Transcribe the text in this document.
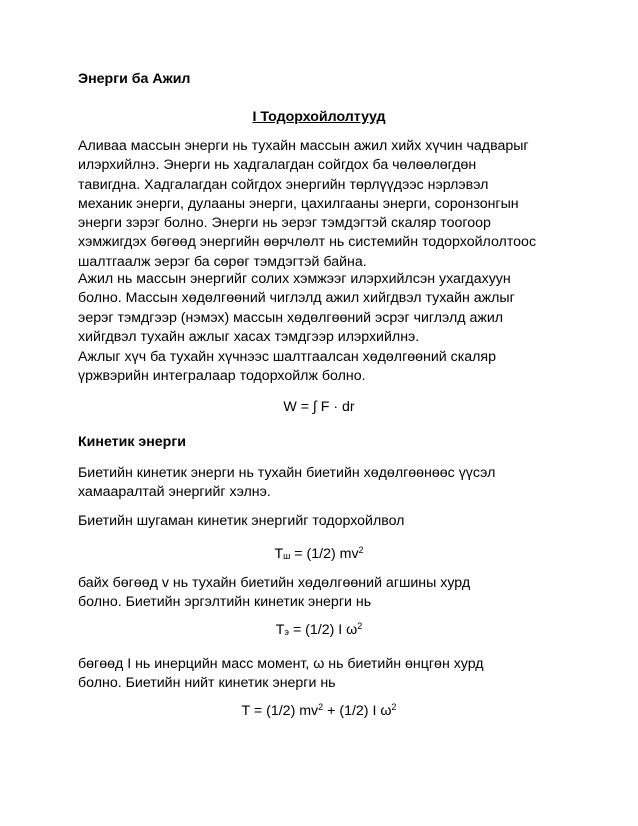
Энерги ба Ажил

I Тодорхойлолтууд

Аливаа массын энерги нь тухайн массын ажил хийх хүчин чадварыг
илэрхийлнэ. Энерги нь хадгалагдан сойгдох ба чөлөөлөгдөн
тавигдна. Хадгалагдан сойгдох энергийн төрлүүдээс нэрлэвэл
механик энерги, дулааны энерги, цахилгааны энерги, соронзонгын
энерги зэрэг болно. Энерги нь эерэг тэмдэгтэй скаляр тоогоор
хэмжигдэх бөгөөд энергийн өөрчлөлт нь системийн тодорхойлолтоос
шалтгаалж эерэг ба сөрөг тэмдэгтэй байна.
Ажил нь массын энергийг солих хэмжээг илэрхийлсэн ухагдахуун
болно. Массын хөдөлгөөний чиглэлд ажил хийгдвэл тухайн ажлыг
эерэг тэмдгээр (нэмэх) массын хөдөлгөөний эсрэг чиглэлд ажил
хийгдвэл тухайн ажлыг хасах тэмдгээр илэрхийлнэ.
Ажлыг хүч ба тухайн хүчнээс шалтгаалсан хөдөлгөөний скаляр
үржвэрийн интегралаар тодорхойлж болно.

W = ∫ F · dr

Кинетик энерги

Биетийн кинетик энерги нь тухайн биетийн хөдөлгөөнөөс үүсэл
хамааралтай энергийг хэлнэ.

Биетийн шугаман кинетик энергийг тодорхойлвол

$T_ш = (1/2)$ $mv^2$

байх бөгөөд v нь тухайн биетийн хөдөлгөөний агшины хурд
болно. Биетийн эргэлтийн кинетик энерги нь

$T_э = (1/2)$ I $\omega^2$

бөгөөд I нь инерцийн масс момент, ω нь биетийн өнцгөн хурд
болно. Биетийн нийт кинетик энерги нь

T = (1/2) $mv^2 + (1/2)$ I $\omega^2$
